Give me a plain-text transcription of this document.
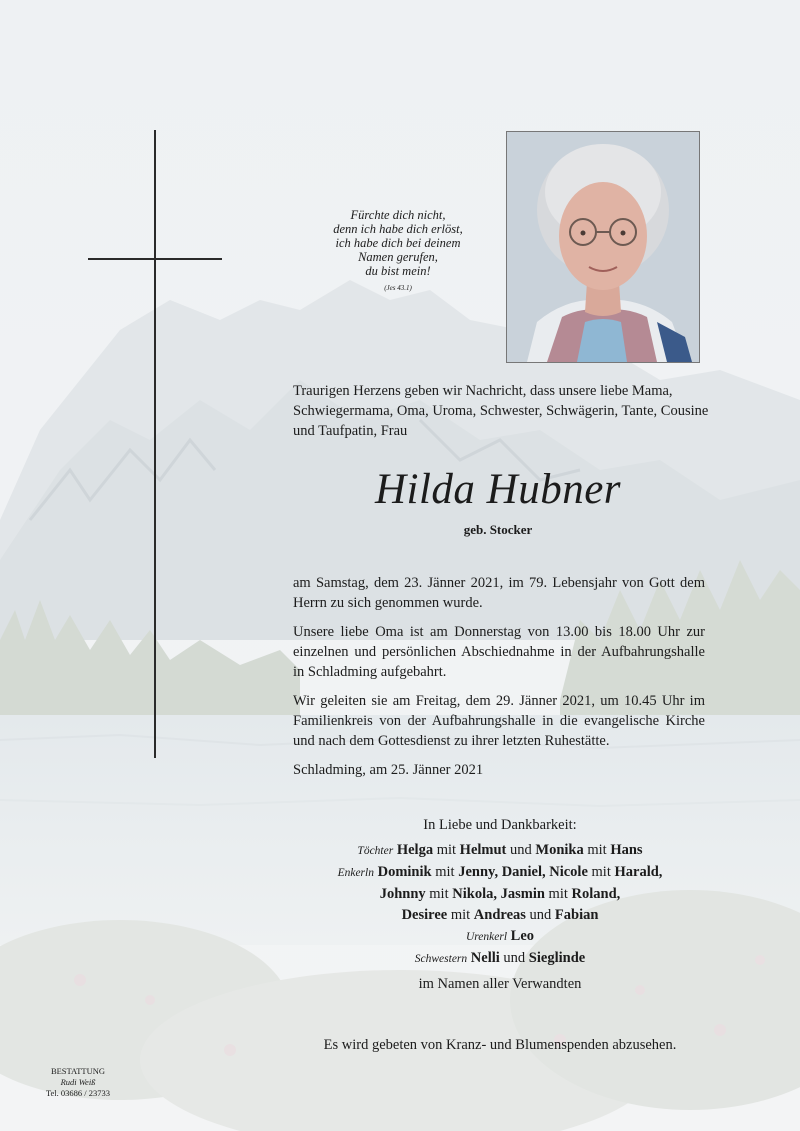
Fürchte dich nicht,
denn ich habe dich erlöst,
ich habe dich bei deinem
Namen gerufen,
du bist mein!
(Jes 43.1)
Traurigen Herzens geben wir Nachricht, dass unsere liebe Mama, Schwiegermama, Oma, Uroma, Schwester, Schwägerin, Tante, Cousine und Taufpatin, Frau
Hilda Hubner
geb. Stocker

am Samstag, dem 23. Jänner 2021, im 79. Lebensjahr von Gott dem Herrn zu sich genommen wurde.

Unsere liebe Oma ist am Donnerstag von 13.00 bis 18.00 Uhr zur einzelnen und persönlichen Abschiednahme in der Aufbahrungshalle in Schladming aufgebahrt.

Wir geleiten sie am Freitag, dem 29. Jänner 2021, um 10.45 Uhr im Familienkreis von der Aufbahrungshalle in die evangelische Kirche und nach dem Gottesdienst zu ihrer letzten Ruhestätte.

Schladming, am 25. Jänner 2021
In Liebe und Dankbarkeit:
Töchter Helga mit Helmut und Monika mit Hans
Enkerln Dominik mit Jenny, Daniel, Nicole mit Harald,
Johnny mit Nikola, Jasmin mit Roland,
Desiree mit Andreas und Fabian
Urenkerl Leo
Schwestern Nelli und Sieglinde
im Namen aller Verwandten
Es wird gebeten von Kranz- und Blumenspenden abzusehen.
BESTATTUNG
Rudi Weiß
Tel. 03686 / 23733
